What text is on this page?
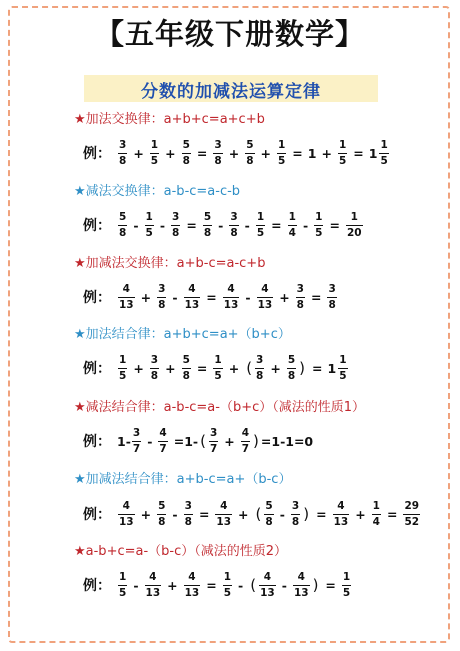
【五年级下册数学】
分数的加减法运算定律
★加法交换律：a+b+c=a+c+b
例： $\frac{3}{8} + \frac{1}{5} + \frac{5}{8} = \frac{3}{8} + \frac{5}{8} + \frac{1}{5} = 1 + \frac{1}{5} = 1 \frac{1}{5}$
★减法交换律：a-b-c=a-c-b
例： $\frac{5}{8} - \frac{1}{5} - \frac{3}{8} = \frac{5}{8} - \frac{3}{8} - \frac{1}{5} = \frac{1}{4} - \frac{1}{5} = \frac{1}{20}$
★加减法交换律：a+b-c=a-c+b
例： $\frac{4}{13} + \frac{3}{8} - \frac{4}{13} = \frac{4}{13} - \frac{4}{13} + \frac{3}{8} = \frac{3}{8}$
★加法结合律：a+b+c=a+（b+c）
例： $\frac{1}{5} + \frac{3}{8} + \frac{5}{8} = \frac{1}{5}$ + ( $\frac{3}{8} + \frac{5}{8}$ ) = $1 \frac{1}{5}$
★减法结合律：a-b-c=a-（b+c）（减法的性质1）
例： $1- \frac{3}{7} - \frac{4}{7} =1-$ ( $\frac{3}{7} + \frac{4}{7}$ ) =1-1=0
★加减法结合律：a+b-c=a+（b-c）
例： $\frac{4}{13} + \frac{5}{8} - \frac{3}{8} = \frac{4}{13}$ + ( $\frac{5}{8} - \frac{3}{8}$ ) = $\frac{4}{13} + \frac{1}{4} = \frac{29}{52}$
★a-b+c=a-（b-c）（减法的性质2）
例： $\frac{1}{5} - \frac{4}{13} + \frac{4}{13} = \frac{1}{5}$ - ( $\frac{4}{13} - \frac{4}{13}$ ) = $\frac{1}{5}$
